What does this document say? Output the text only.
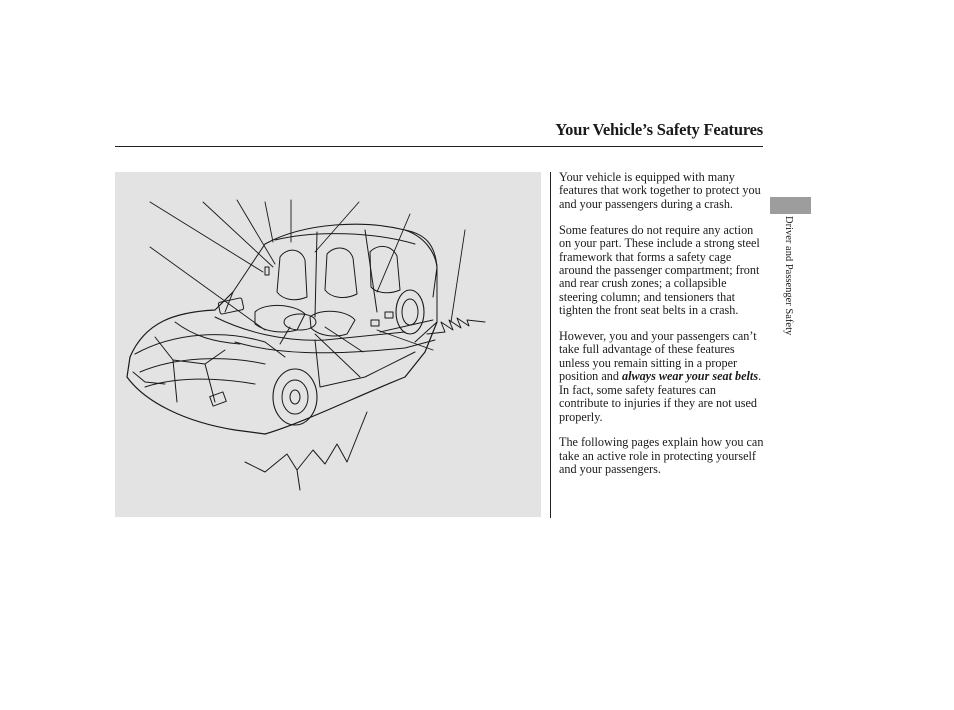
Your Vehicle’s Safety Features

Your vehicle is equipped with many features that work together to protect you and your passengers during a crash.

Some features do not require any action on your part. These include a strong steel framework that forms a safety cage around the passenger compartment; front and rear crush zones; a collapsible steering column; and tensioners that tighten the front seat belts in a crash.

However, you and your passengers can’t take full advantage of these features unless you remain sitting in a proper position and always wear your seat belts. In fact, some safety features can contribute to injuries if they are not used properly.

The following pages explain how you can take an active role in protecting yourself and your passengers.

Driver and Passenger Safety
